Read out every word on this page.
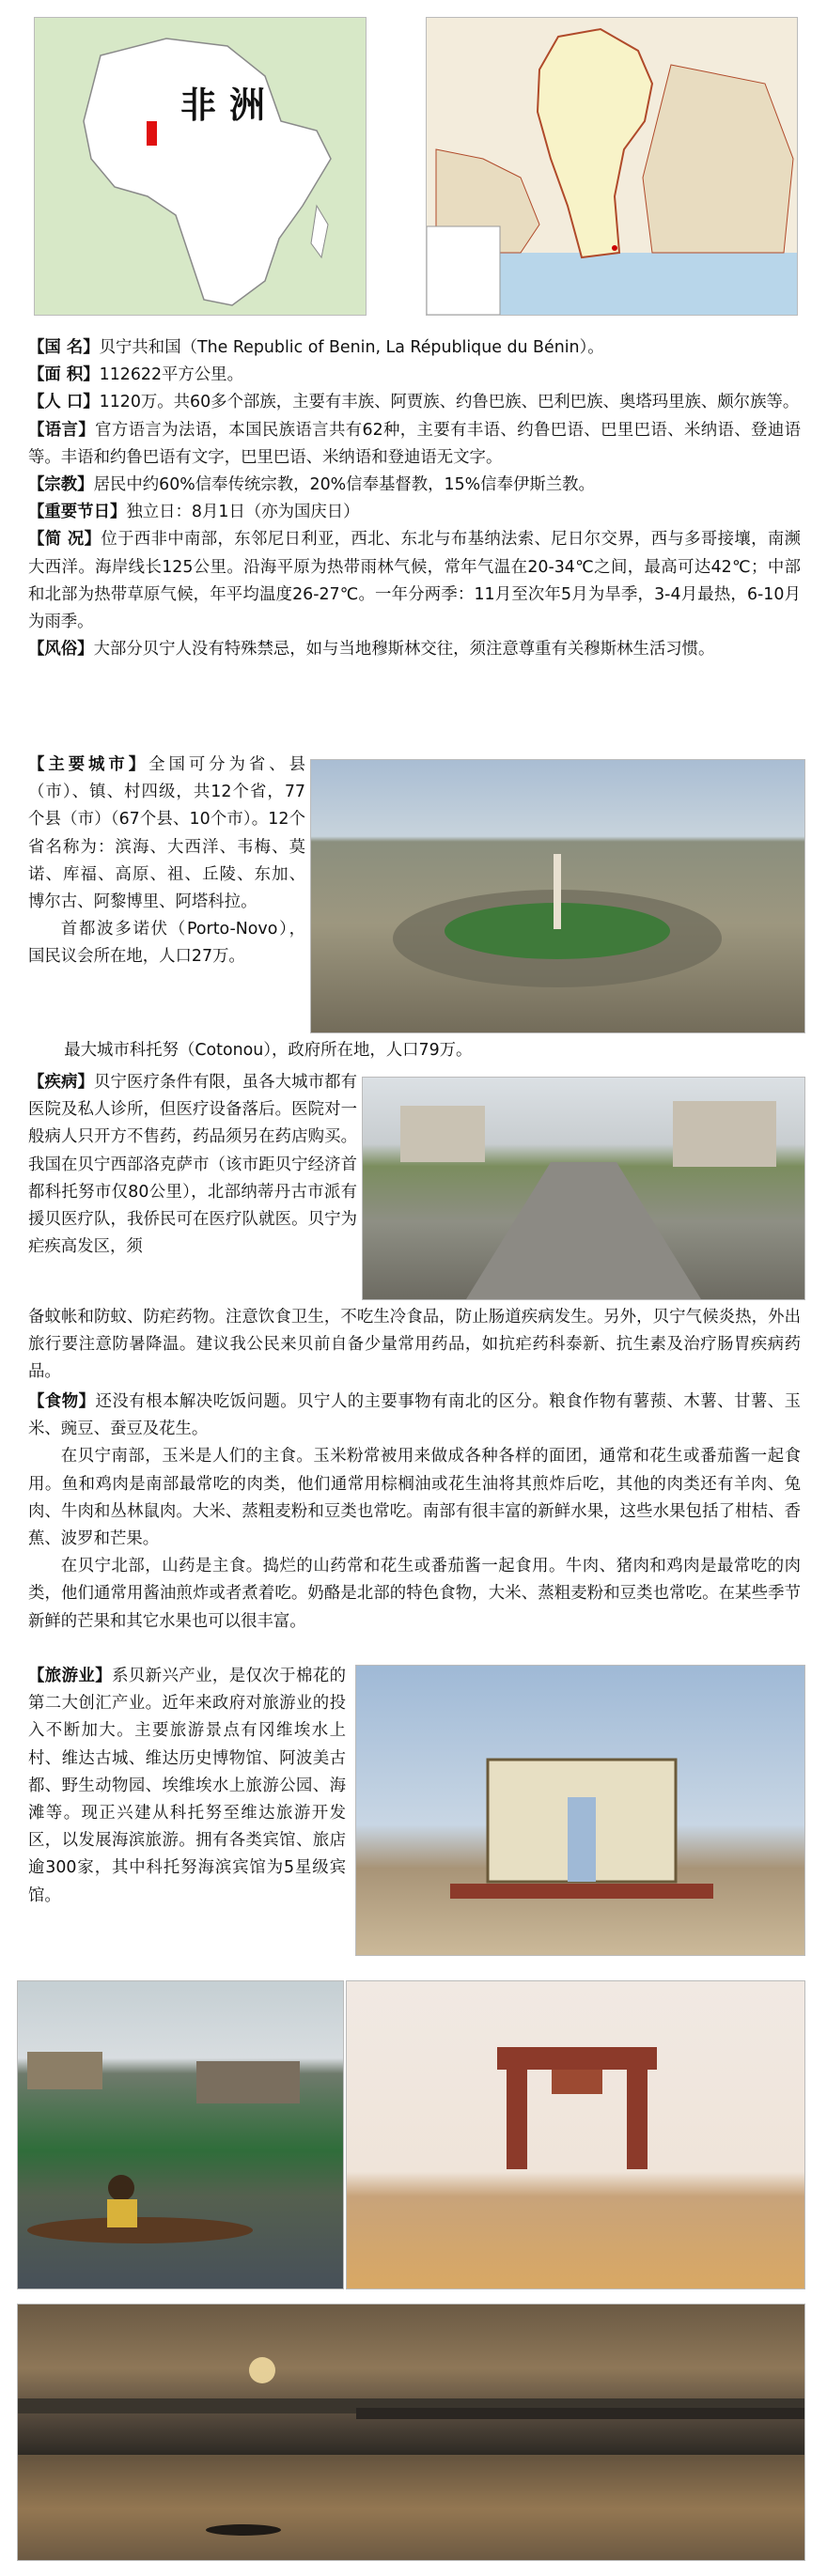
非洲

【国 名】贝宁共和国（The Republic of Benin, La République du Bénin）。

【面 积】112622平方公里。

【人 口】1120万。共60多个部族，主要有丰族、阿贾族、约鲁巴族、巴利巴族、奥塔玛里族、颇尔族等。

【语言】官方语言为法语，本国民族语言共有62种，主要有丰语、约鲁巴语、巴里巴语、米纳语、登迪语等。丰语和约鲁巴语有文字，巴里巴语、米纳语和登迪语无文字。

【宗教】居民中约60%信奉传统宗教，20%信奉基督教，15%信奉伊斯兰教。

【重要节日】独立日：8月1日（亦为国庆日）

【简 况】位于西非中南部，东邻尼日利亚，西北、东北与布基纳法索、尼日尔交界，西与多哥接壤，南濒大西洋。海岸线长125公里。沿海平原为热带雨林气候，常年气温在20-34℃之间，最高可达42℃；中部和北部为热带草原气候，年平均温度26-27℃。一年分两季：11月至次年5月为旱季，3-4月最热，6-10月为雨季。

【风俗】大部分贝宁人没有特殊禁忌，如与当地穆斯林交往，须注意尊重有关穆斯林生活习惯。

【主要城市】全国可分为省、县（市）、镇、村四级，共12个省，77个县（市）（67个县、10个市）。12个省名称为：滨海、大西洋、韦梅、莫诺、库福、高原、祖、丘陵、东加、博尔古、阿黎博里、阿塔科拉。

首都波多诺伏（Porto-Novo），国民议会所在地，人口27万。

最大城市科托努（Cotonou），政府所在地，人口79万。

【疾病】贝宁医疗条件有限，虽各大城市都有医院及私人诊所，但医疗设备落后。医院对一般病人只开方不售药，药品须另在药店购买。我国在贝宁西部洛克萨市（该市距贝宁经济首都科托努市仅80公里），北部纳蒂丹古市派有援贝医疗队，我侨民可在医疗队就医。贝宁为疟疾高发区，须

备蚊帐和防蚊、防疟药物。注意饮食卫生，不吃生冷食品，防止肠道疾病发生。另外，贝宁气候炎热，外出旅行要注意防暑降温。建议我公民来贝前自备少量常用药品，如抗疟药科泰新、抗生素及治疗肠胃疾病药品。

【食物】还没有根本解决吃饭问题。贝宁人的主要事物有南北的区分。粮食作物有薯蓣、木薯、甘薯、玉米、豌豆、蚕豆及花生。

在贝宁南部，玉米是人们的主食。玉米粉常被用来做成各种各样的面团，通常和花生或番茄酱一起食用。鱼和鸡肉是南部最常吃的肉类，他们通常用棕榈油或花生油将其煎炸后吃，其他的肉类还有羊肉、兔肉、牛肉和丛林鼠肉。大米、蒸粗麦粉和豆类也常吃。南部有很丰富的新鲜水果，这些水果包括了柑桔、香蕉、波罗和芒果。

在贝宁北部，山药是主食。捣烂的山药常和花生或番茄酱一起食用。牛肉、猪肉和鸡肉是最常吃的肉类，他们通常用酱油煎炸或者煮着吃。奶酪是北部的特色食物，大米、蒸粗麦粉和豆类也常吃。在某些季节新鲜的芒果和其它水果也可以很丰富。

【旅游业】系贝新兴产业，是仅次于棉花的第二大创汇产业。近年来政府对旅游业的投入不断加大。主要旅游景点有冈维埃水上村、维达古城、维达历史博物馆、阿波美古都、野生动物园、埃维埃水上旅游公园、海滩等。现正兴建从科托努至维达旅游开发区，以发展海滨旅游。拥有各类宾馆、旅店逾300家，其中科托努海滨宾馆为5星级宾馆。
